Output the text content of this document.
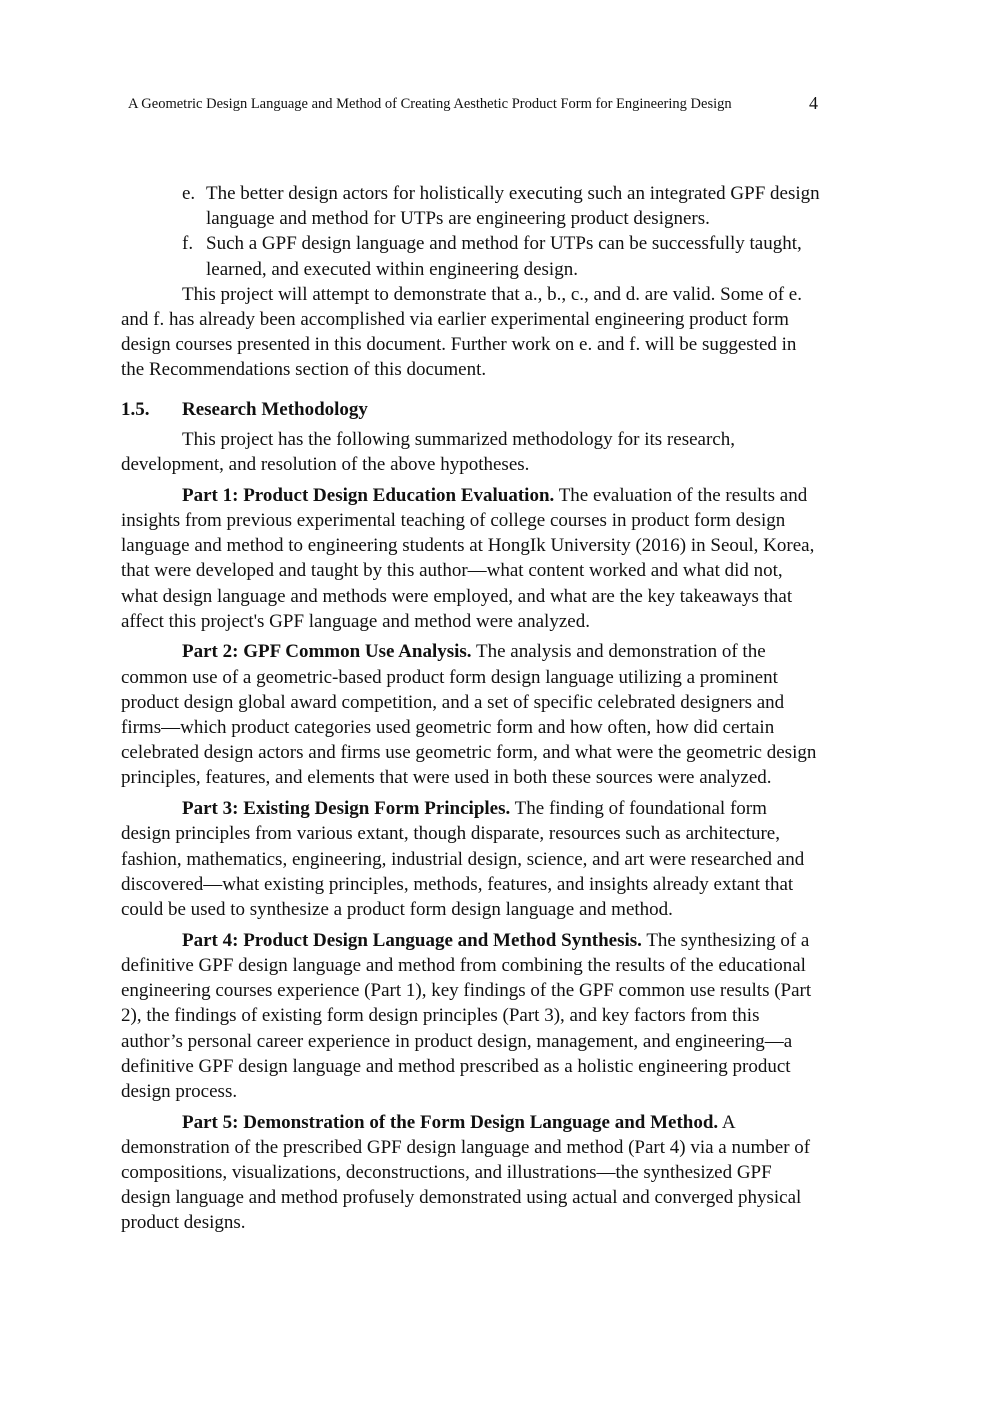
A Geometric Design Language and Method of Creating Aesthetic Product Form for Engineering Design	4
e. The better design actors for holistically executing such an integrated GPF design language and method for UTPs are engineering product designers.
f. Such a GPF design language and method for UTPs can be successfully taught, learned, and executed within engineering design.

This project will attempt to demonstrate that a., b., c., and d. are valid. Some of e. and f. has already been accomplished via earlier experimental engineering product form design courses presented in this document. Further work on e. and f. will be suggested in the Recommendations section of this document.

1.5.	Research Methodology

This project has the following summarized methodology for its research, development, and resolution of the above hypotheses.

Part 1: Product Design Education Evaluation. The evaluation of the results and insights from previous experimental teaching of college courses in product form design language and method to engineering students at HongIk University (2016) in Seoul, Korea, that were developed and taught by this author—what content worked and what did not, what design language and methods were employed, and what are the key takeaways that affect this project's GPF language and method were analyzed.

Part 2: GPF Common Use Analysis. The analysis and demonstration of the common use of a geometric-based product form design language utilizing a prominent product design global award competition, and a set of specific celebrated designers and firms—which product categories used geometric form and how often, how did certain celebrated design actors and firms use geometric form, and what were the geometric design principles, features, and elements that were used in both these sources were analyzed.

Part 3: Existing Design Form Principles. The finding of foundational form design principles from various extant, though disparate, resources such as architecture, fashion, mathematics, engineering, industrial design, science, and art were researched and discovered—what existing principles, methods, features, and insights already extant that could be used to synthesize a product form design language and method.

Part 4: Product Design Language and Method Synthesis. The synthesizing of a definitive GPF design language and method from combining the results of the educational engineering courses experience (Part 1), key findings of the GPF common use results (Part 2), the findings of existing form design principles (Part 3), and key factors from this author’s personal career experience in product design, management, and engineering—a definitive GPF design language and method prescribed as a holistic engineering product design process.

Part 5: Demonstration of the Form Design Language and Method. A demonstration of the prescribed GPF design language and method (Part 4) via a number of compositions, visualizations, deconstructions, and illustrations—the synthesized GPF design language and method profusely demonstrated using actual and converged physical product designs.
